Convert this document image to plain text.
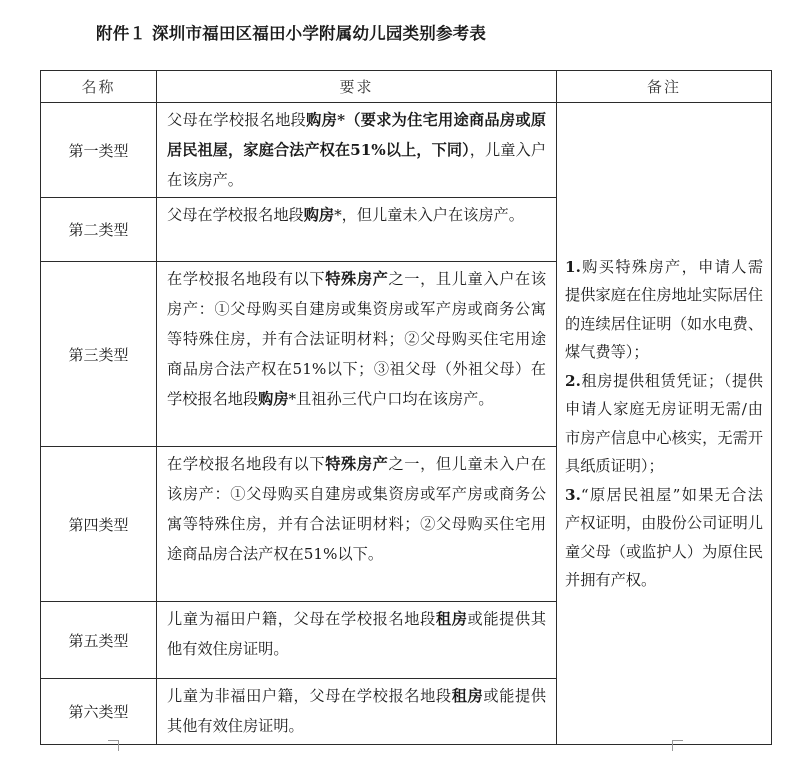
附件１ 深圳市福田区福田小学附属幼儿园类别参考表
名称	要求	备注
第一类型	父母在学校报名地段购房*（要求为住宅用途商品房或原居民祖屋，家庭合法产权在51%以上，下同），儿童入户在该房产。	1.购买特殊房产，申请人需提供家庭在住房地址实际居住的连续居住证明（如水电费、煤气费等）；
2.租房提供租赁凭证；（提供申请人家庭无房证明无需/由市房产信息中心核实，无需开具纸质证明）；
3.“原居民祖屋”如果无合法产权证明，由股份公司证明儿童父母（或监护人）为原住民并拥有产权。
第二类型	父母在学校报名地段购房*，但儿童未入户在该房产。	
第三类型	在学校报名地段有以下特殊房产之一，且儿童入户在该房产：①父母购买自建房或集资房或军产房或商务公寓等特殊住房，并有合法证明材料；②父母购买住宅用途商品房合法产权在51%以下；③祖父母（外祖父母）在学校报名地段购房*且祖孙三代户口均在该房产。	
第四类型	在学校报名地段有以下特殊房产之一，但儿童未入户在该房产：①父母购买自建房或集资房或军产房或商务公寓等特殊住房，并有合法证明材料；②父母购买住宅用途商品房合法产权在51%以下。	
第五类型	儿童为福田户籍，父母在学校报名地段租房或能提供其他有效住房证明。	
第六类型	儿童为非福田户籍，父母在学校报名地段租房或能提供其他有效住房证明。	
